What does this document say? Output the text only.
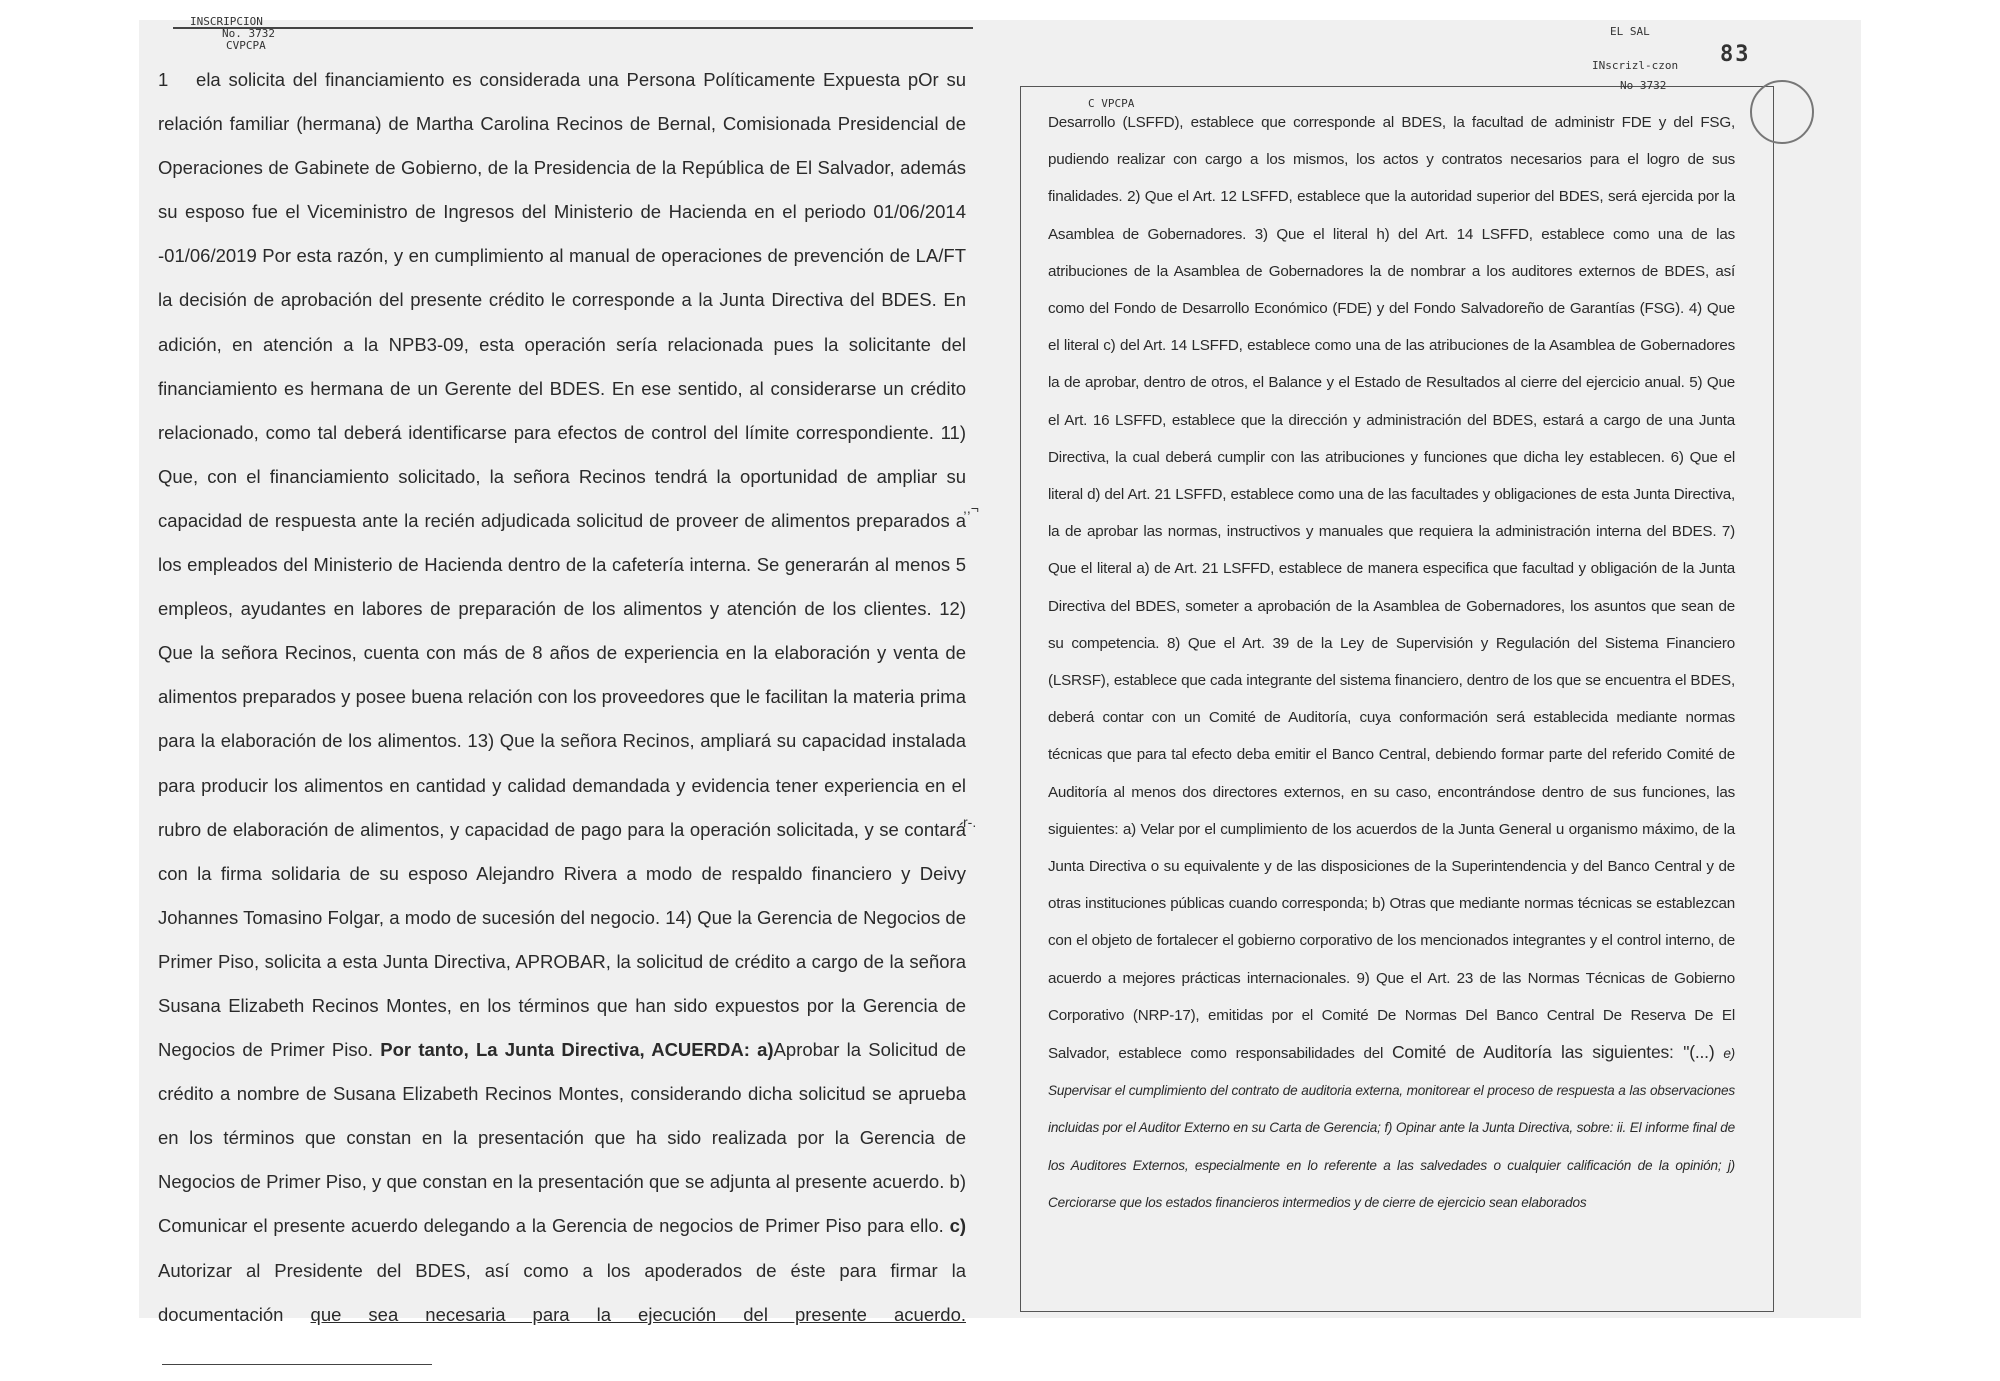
INSCRIPCION
No. 3732
CVPCPA
1 ela solicita del financiamiento es considerada una Persona Políticamente Expuesta pOr su relación familiar (hermana) de Martha Carolina Recinos de Bernal, Comisionada Presidencial de Operaciones de Gabinete de Gobierno, de la Presidencia de la República de El Salvador, además su esposo fue el Viceministro de Ingresos del Ministerio de Hacienda en el periodo 01/06/2014 -01/06/2019 Por esta razón, y en cumplimiento al manual de operaciones de prevención de LA/FT la decisión de aprobación del presente crédito le corresponde a la Junta Directiva del BDES. En adición, en atención a la NPB3-09, esta operación sería relacionada pues la solicitante del financiamiento es hermana de un Gerente del BDES. En ese sentido, al considerarse un crédito relacionado, como tal deberá identificarse para efectos de control del límite correspondiente. 11) Que, con el financiamiento solicitado, la señora Recinos tendrá la oportunidad de ampliar su capacidad de respuesta ante la recién adjudicada solicitud de proveer de alimentos preparados a los empleados del Ministerio de Hacienda dentro de la cafetería interna. Se generarán al menos 5 empleos, ayudantes en labores de preparación de los alimentos y atención de los clientes. 12) Que la señora Recinos, cuenta con más de 8 años de experiencia en la elaboración y venta de alimentos preparados y posee buena relación con los proveedores que le facilitan la materia prima para la elaboración de los alimentos. 13) Que la señora Recinos, ampliará su capacidad instalada para producir los alimentos en cantidad y calidad demandada y evidencia tener experiencia en el rubro de elaboración de alimentos, y capacidad de pago para la operación solicitada, y se contará con la firma solidaria de su esposo Alejandro Rivera a modo de respaldo financiero y Deivy Johannes Tomasino Folgar, a modo de sucesión del negocio. 14) Que la Gerencia de Negocios de Primer Piso, solicita a esta Junta Directiva, APROBAR, la solicitud de crédito a cargo de la señora Susana Elizabeth Recinos Montes, en los términos que han sido expuestos por la Gerencia de Negocios de Primer Piso. Por tanto, La Junta Directiva, ACUERDA: a)Aprobar la Solicitud de crédito a nombre de Susana Elizabeth Recinos Montes, considerando dicha solicitud se aprueba en los términos que constan en la presentación que ha sido realizada por la Gerencia de Negocios de Primer Piso, y que constan en la presentación que se adjunta al presente acuerdo. b) Comunicar el presente acuerdo delegando a la Gerencia de negocios de Primer Piso para ello. c) Autorizar al Presidente del BDES, así como a los apoderados de éste para firmar la documentación que sea necesaria para la ejecución del presente acuerdo.
,,¬
r-.
C VPCPA
EL SAL
INscrizl-czon
No 3732
83
Desarrollo (LSFFD), establece que corresponde al BDES, la facultad de administr FDE y del FSG, pudiendo realizar con cargo a los mismos, los actos y contratos necesarios para el logro de sus finalidades. 2) Que el Art. 12 LSFFD, establece que la autoridad superior del BDES, será ejercida por la Asamblea de Gobernadores. 3) Que el literal h) del Art. 14 LSFFD, establece como una de las atribuciones de la Asamblea de Gobernadores la de nombrar a los auditores externos de BDES, así como del Fondo de Desarrollo Económico (FDE) y del Fondo Salvadoreño de Garantías (FSG). 4) Que el literal c) del Art. 14 LSFFD, establece como una de las atribuciones de la Asamblea de Gobernadores la de aprobar, dentro de otros, el Balance y el Estado de Resultados al cierre del ejercicio anual. 5) Que el Art. 16 LSFFD, establece que la dirección y administración del BDES, estará a cargo de una Junta Directiva, la cual deberá cumplir con las atribuciones y funciones que dicha ley establecen. 6) Que el literal d) del Art. 21 LSFFD, establece como una de las facultades y obligaciones de esta Junta Directiva, la de aprobar las normas, instructivos y manuales que requiera la administración interna del BDES. 7) Que el literal a) de Art. 21 LSFFD, establece de manera especifica que facultad y obligación de la Junta Directiva del BDES, someter a aprobación de la Asamblea de Gobernadores, los asuntos que sean de su competencia. 8) Que el Art. 39 de la Ley de Supervisión y Regulación del Sistema Financiero (LSRSF), establece que cada integrante del sistema financiero, dentro de los que se encuentra el BDES, deberá contar con un Comité de Auditoría, cuya conformación será establecida mediante normas técnicas que para tal efecto deba emitir el Banco Central, debiendo formar parte del referido Comité de Auditoría al menos dos directores externos, en su caso, encontrándose dentro de sus funciones, las siguientes: a) Velar por el cumplimiento de los acuerdos de la Junta General u organismo máximo, de la Junta Directiva o su equivalente y de las disposiciones de la Superintendencia y del Banco Central y de otras instituciones públicas cuando corresponda; b) Otras que mediante normas técnicas se establezcan con el objeto de fortalecer el gobierno corporativo de los mencionados integrantes y el control interno, de acuerdo a mejores prácticas internacionales. 9) Que el Art. 23 de las Normas Técnicas de Gobierno Corporativo (NRP-17), emitidas por el Comité De Normas Del Banco Central De Reserva De El Salvador, establece como responsabilidades del Comité de Auditoría las siguientes: "(...) e) Supervisar el cumplimiento del contrato de auditoria externa, monitorear el proceso de respuesta a las observaciones incluidas por el Auditor Externo en su Carta de Gerencia; f) Opinar ante la Junta Directiva, sobre: ii. El informe final de los Auditores Externos, especialmente en lo referente a las salvedades o cualquier calificación de la opinión; j) Cerciorarse que los estados financieros intermedios y de cierre de ejercicio sean elaborados
